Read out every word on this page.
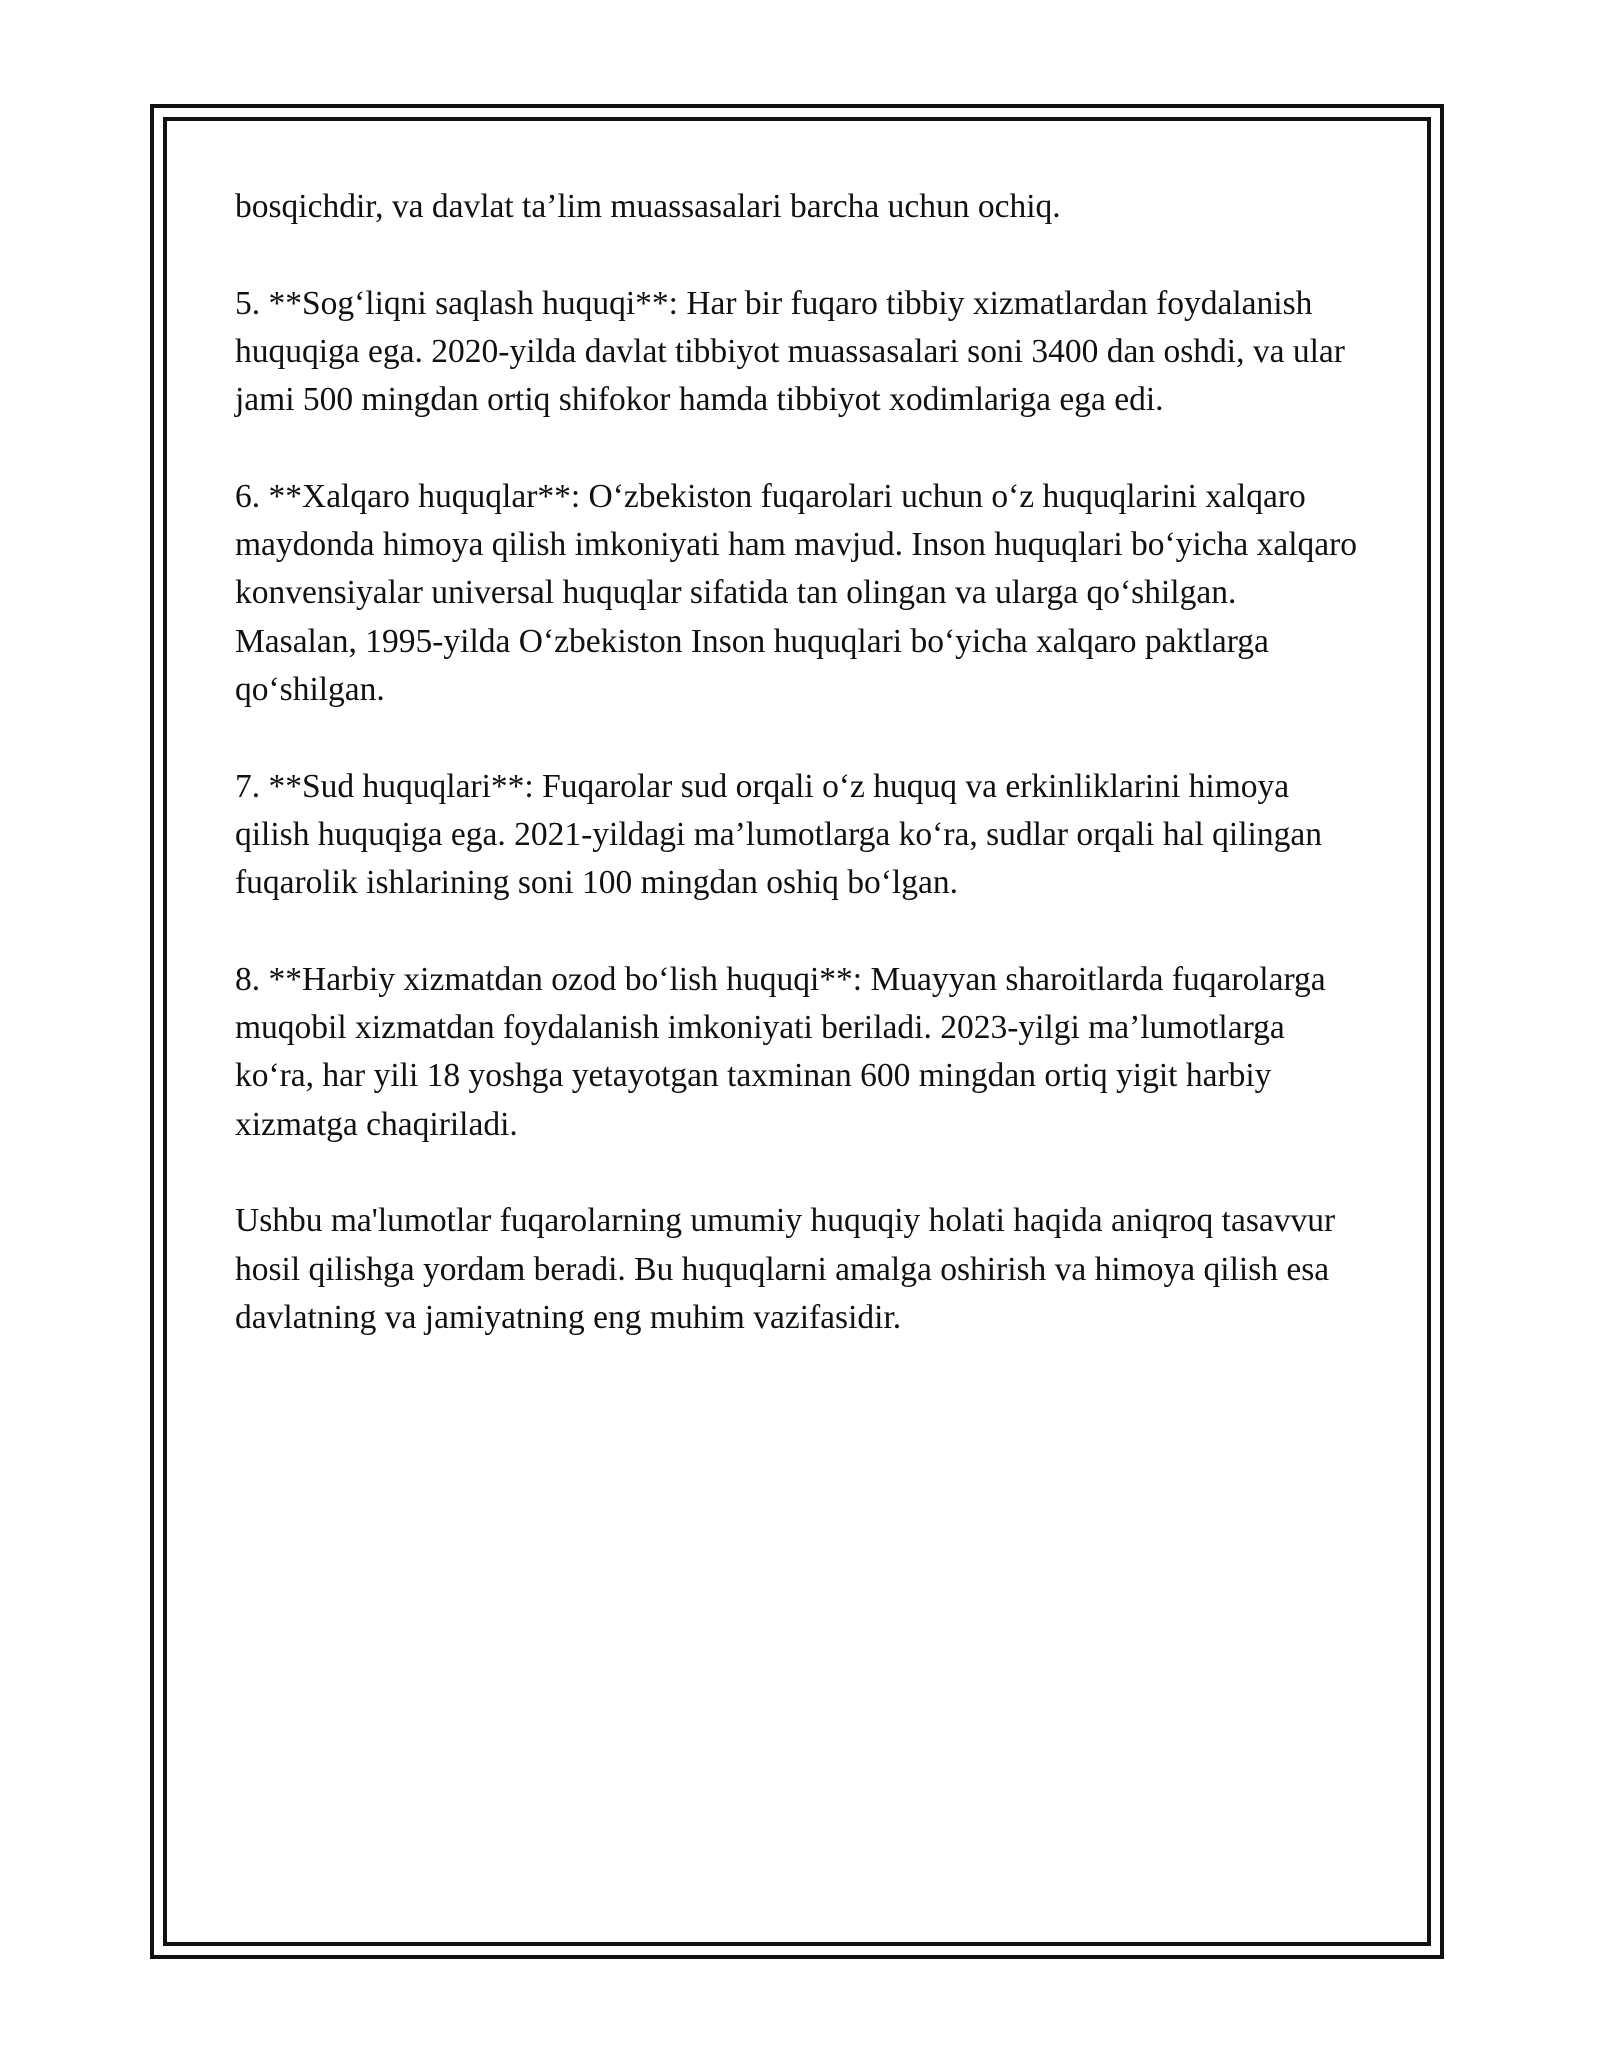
bosqichdir, va davlat ta’lim muassasalari barcha uchun ochiq.

5. **Sog‘liqni saqlash huquqi**: Har bir fuqaro tibbiy xizmatlardan foydalanish huquqiga ega. 2020-yilda davlat tibbiyot muassasalari soni 3400 dan oshdi, va ular jami 500 mingdan ortiq shifokor hamda tibbiyot xodimlariga ega edi.

6. **Xalqaro huquqlar**: O‘zbekiston fuqarolari uchun o‘z huquqlarini xalqaro maydonda himoya qilish imkoniyati ham mavjud. Inson huquqlari bo‘yicha xalqaro konvensiyalar universal huquqlar sifatida tan olingan va ularga qo‘shilgan. Masalan, 1995-yilda O‘zbekiston Inson huquqlari bo‘yicha xalqaro paktlarga qo‘shilgan.

7. **Sud huquqlari**: Fuqarolar sud orqali o‘z huquq va erkinliklarini himoya qilish huquqiga ega. 2021-yildagi ma’lumotlarga ko‘ra, sudlar orqali hal qilingan fuqarolik ishlarining soni 100 mingdan oshiq bo‘lgan.

8. **Harbiy xizmatdan ozod bo‘lish huquqi**: Muayyan sharoitlarda fuqarolarga muqobil xizmatdan foydalanish imkoniyati beriladi. 2023-yilgi ma’lumotlarga ko‘ra, har yili 18 yoshga yetayotgan taxminan 600 mingdan ortiq yigit harbiy xizmatga chaqiriladi.

Ushbu ma'lumotlar fuqarolarning umumiy huquqiy holati haqida aniqroq tasavvur hosil qilishga yordam beradi. Bu huquqlarni amalga oshirish va himoya qilish esa davlatning va jamiyatning eng muhim vazifasidir.
